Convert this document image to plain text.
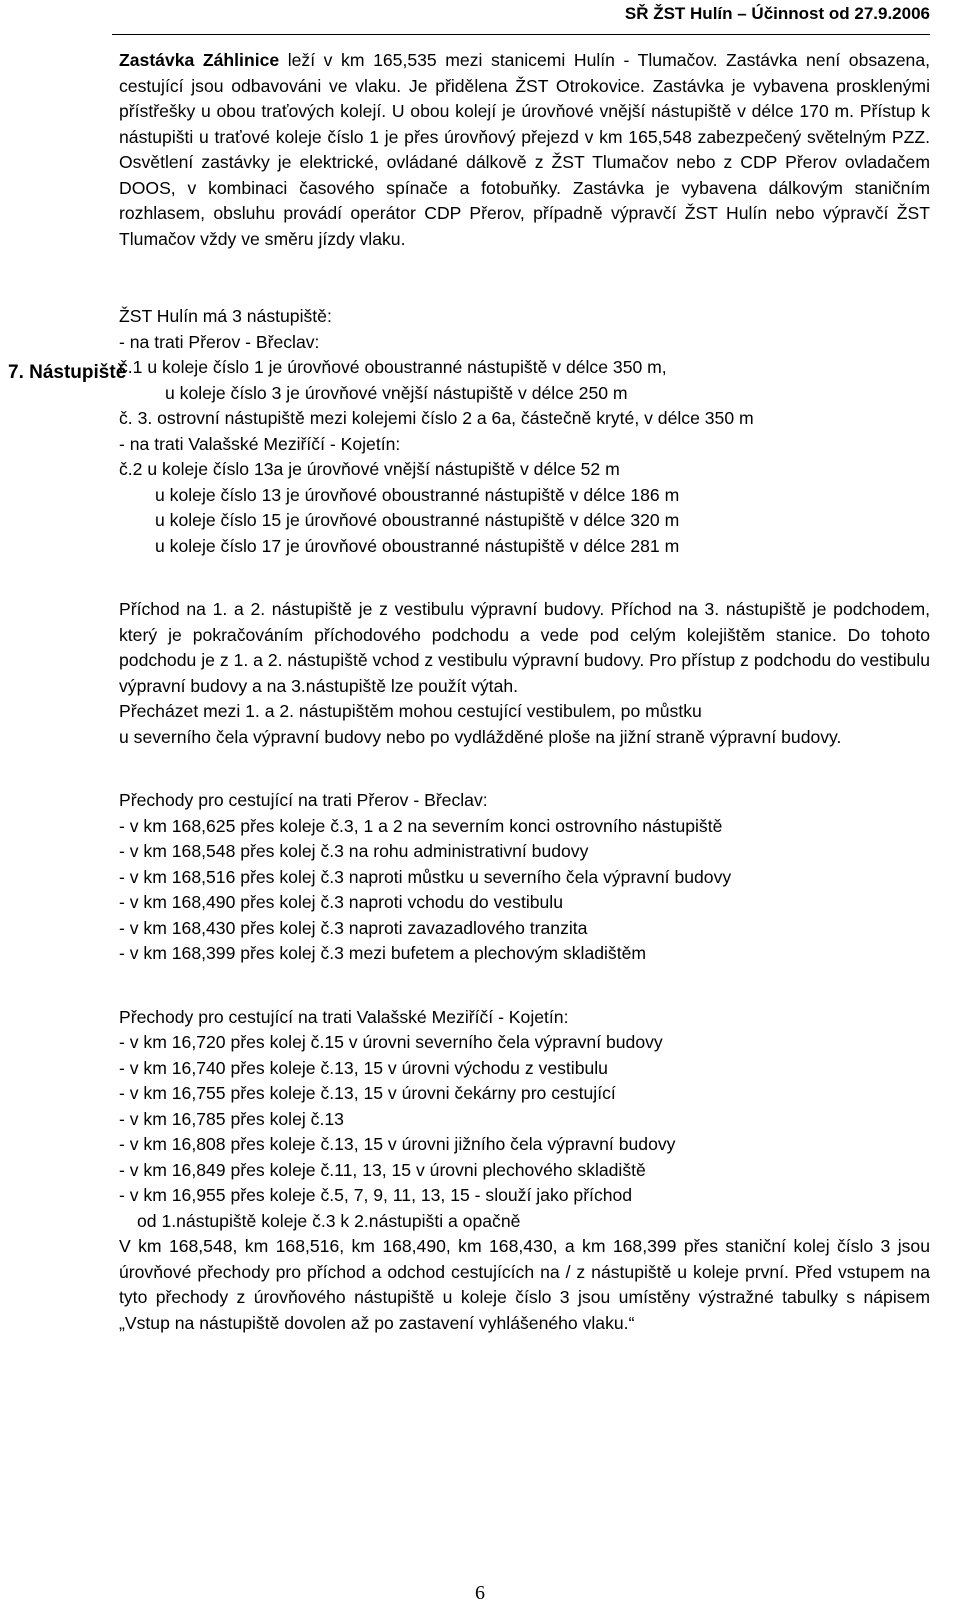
SŘ ŽST Hulín – Účinnost od 27.9.2006
7. Nástupiště

Zastávka Záhlinice leží v km 165,535 mezi stanicemi Hulín - Tlumačov. Zastávka není obsazena, cestující jsou odbavováni ve vlaku. Je přidělena ŽST Otrokovice. Zastávka je vybavena prosklenými přístřešky u obou traťových kolejí. U obou kolejí je úrovňové vnější nástupiště v délce 170 m. Přístup k nástupišti u traťové koleje číslo 1 je přes úrovňový přejezd v km 165,548 zabezpečený světelným PZZ. Osvětlení zastávky je elektrické, ovládané dálkově z ŽST Tlumačov nebo z CDP Přerov ovladačem DOOS, v kombinaci časového spínače a fotobuňky. Zastávka je vybavena dálkovým staničním rozhlasem, obsluhu provádí operátor CDP Přerov, případně výpravčí ŽST Hulín nebo výpravčí ŽST Tlumačov vždy ve směru jízdy vlaku.

ŽST Hulín má 3 nástupiště:

- na trati Přerov - Břeclav:

č.1 u koleje číslo 1 je úrovňové oboustranné nástupiště v délce 350 m,

u koleje číslo 3 je úrovňové vnější nástupiště v délce 250 m

č. 3. ostrovní nástupiště mezi kolejemi číslo 2 a 6a, částečně kryté, v délce 350 m

- na trati Valašské Meziříčí - Kojetín:

č.2 u koleje číslo 13a je úrovňové vnější nástupiště v délce 52 m

u koleje číslo 13 je úrovňové oboustranné nástupiště v délce 186 m

u koleje číslo 15 je úrovňové oboustranné nástupiště v délce 320 m

u koleje číslo 17 je úrovňové oboustranné nástupiště v délce 281 m

Příchod na 1. a 2. nástupiště je z vestibulu výpravní budovy. Příchod na 3. nástupiště je podchodem, který je pokračováním příchodového podchodu a vede pod celým kolejištěm stanice. Do tohoto podchodu je z 1. a 2. nástupiště vchod z vestibulu výpravní budovy. Pro přístup z podchodu do vestibulu výpravní budovy a na 3.nástupiště lze použít výtah.

Přecházet mezi 1. a 2. nástupištěm mohou cestující vestibulem, po můstku

u severního čela výpravní budovy nebo po vydlážděné ploše na jižní straně výpravní budovy.

Přechody pro cestující na trati Přerov - Břeclav:

- v km 168,625 přes koleje č.3, 1 a 2 na severním konci ostrovního nástupiště

- v km 168,548 přes kolej č.3 na rohu administrativní budovy

- v km 168,516 přes kolej č.3 naproti můstku u severního čela výpravní budovy

- v km 168,490 přes kolej č.3 naproti vchodu do vestibulu

- v km 168,430 přes kolej č.3 naproti zavazadlového tranzita

- v km 168,399 přes kolej č.3 mezi bufetem a plechovým skladištěm

Přechody pro cestující na trati Valašské Meziříčí - Kojetín:

- v km 16,720 přes kolej č.15 v úrovni severního čela výpravní budovy

- v km 16,740 přes koleje č.13, 15 v úrovni východu z vestibulu

- v km 16,755 přes koleje č.13, 15 v úrovni čekárny pro cestující

- v km 16,785 přes kolej č.13

- v km 16,808 přes koleje č.13, 15 v úrovni jižního čela výpravní budovy

- v km 16,849 přes koleje č.11, 13, 15 v úrovni plechového skladiště

- v km 16,955 přes koleje č.5, 7, 9, 11, 13, 15 - slouží jako příchod

od 1.nástupiště koleje č.3 k 2.nástupišti a opačně

V km 168,548, km 168,516, km 168,490, km 168,430, a km 168,399 přes staniční kolej číslo 3 jsou úrovňové přechody pro příchod a odchod cestujících na / z nástupiště u koleje první. Před vstupem na tyto přechody z úrovňového nástupiště u koleje číslo 3 jsou umístěny výstražné tabulky s nápisem „Vstup na nástupiště dovolen až po zastavení vyhlášeného vlaku.“

6
